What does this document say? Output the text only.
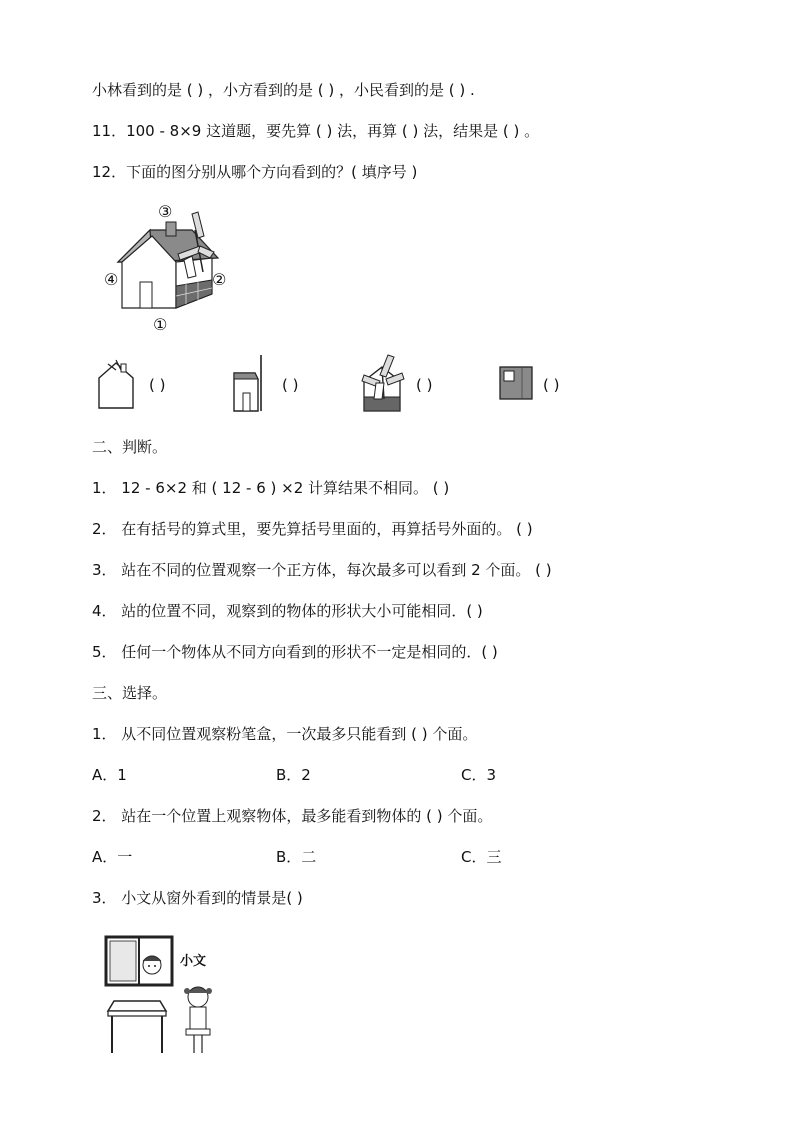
小林看到的是 ( ) ，小方看到的是 ( ) ，小民看到的是 ( ) .
11．100 - 8×9 这道题，要先算 ( ) 法，再算 ( ) 法，结果是 ( ) 。
12．下面的图分别从哪个方向看到的？( 填序号 )
③
④	②
①
( )	( )	( )	( )
二、判断。
1． 12 - 6×2 和 ( 12 - 6 ) ×2 计算结果不相同。 ( )
2． 在有括号的算式里，要先算括号里面的，再算括号外面的。 ( )
3． 站在不同的位置观察一个正方体，每次最多可以看到 2 个面。 ( )
4． 站的位置不同，观察到的物体的形状大小可能相同．( )
5． 任何一个物体从不同方向看到的形状不一定是相同的．( )
三、选择。
1． 从不同位置观察粉笔盒，一次最多只能看到 ( ) 个面。
A．1	B．2	C．3
2． 站在一个位置上观察物体，最多能看到物体的 ( ) 个面。
A．一	B．二	C．三
3． 小文从窗外看到的情景是( )
小文
